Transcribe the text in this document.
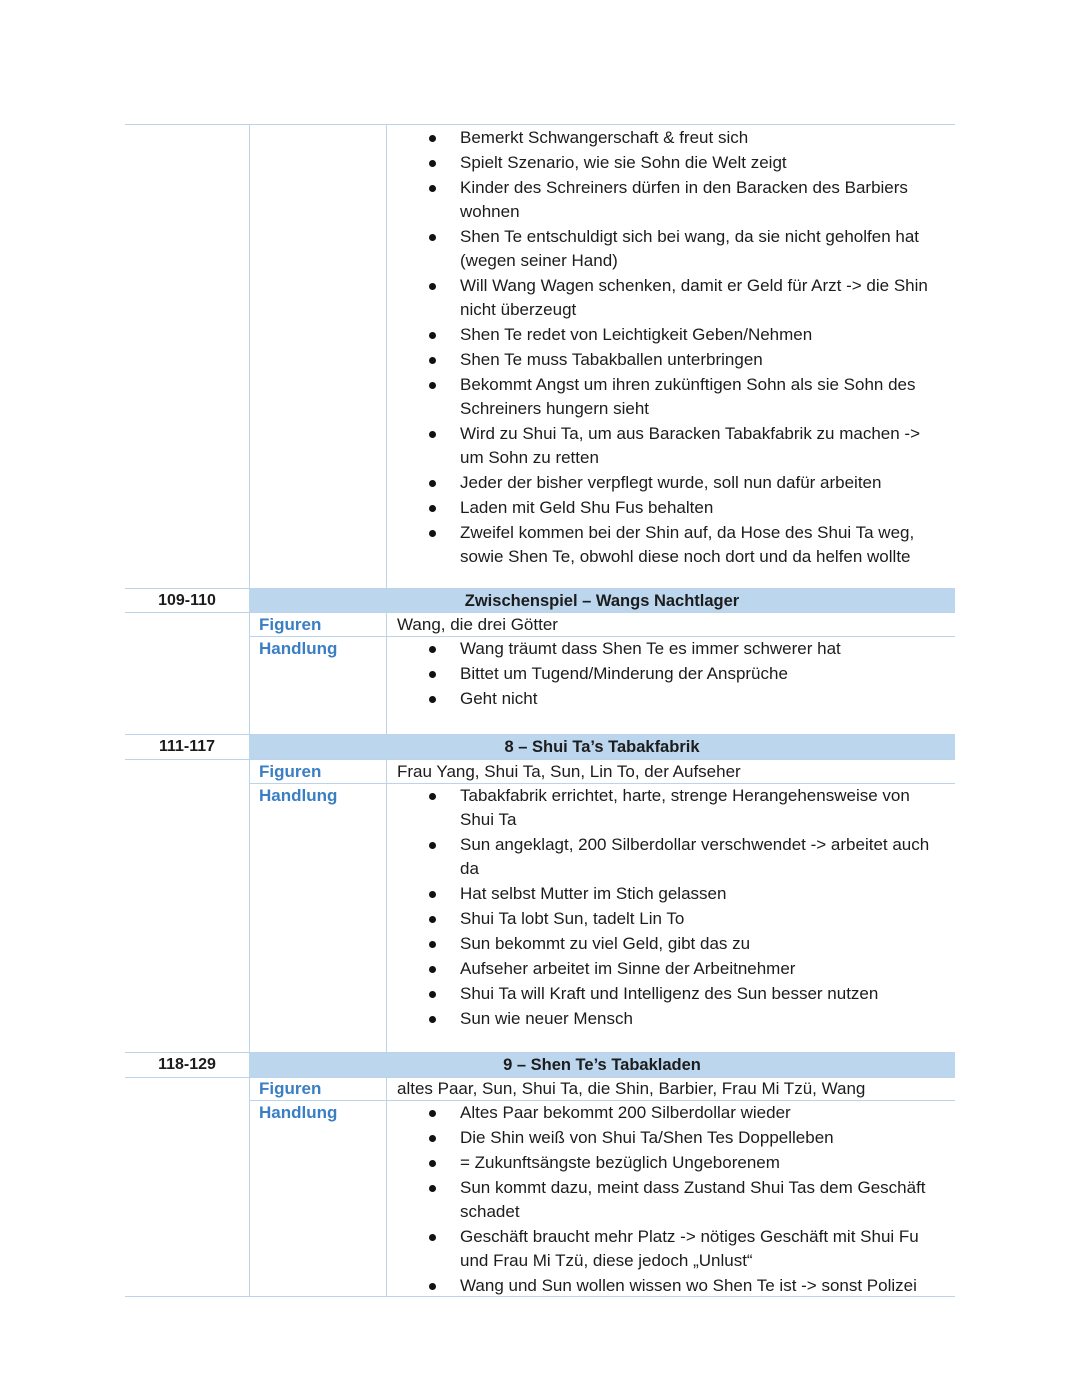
Bemerkt Schwangerschaft & freut sich
Spielt Szenario, wie sie Sohn die Welt zeigt
Kinder des Schreiners dürfen in den Baracken des Barbiers wohnen
Shen Te entschuldigt sich bei wang, da sie nicht geholfen hat (wegen seiner Hand)
Will Wang Wagen schenken, damit er Geld für Arzt -> die Shin nicht überzeugt
Shen Te redet von Leichtigkeit Geben/Nehmen
Shen Te muss Tabakballen unterbringen
Bekommt Angst um ihren zukünftigen Sohn als sie Sohn des Schreiners hungern sieht
Wird zu Shui Ta, um aus Baracken Tabakfabrik zu machen -> um Sohn zu retten
Jeder der bisher verpflegt wurde, soll nun dafür arbeiten
Laden mit Geld Shu Fus behalten
Zweifel kommen bei der Shin auf, da Hose des Shui Ta weg, sowie Shen Te, obwohl diese noch dort und da helfen wollte
109-110	Zwischenspiel – Wangs Nachtlager
Figuren	Wang, die drei Götter
Handlung	Wang träumt dass Shen Te es immer schwerer hat
Bittet um Tugend/Minderung der Ansprüche
Geht nicht
111-117	8 – Shui Ta’s Tabakfabrik
Figuren	Frau Yang, Shui Ta, Sun, Lin To, der Aufseher
Handlung	Tabakfabrik errichtet, harte, strenge Herangehensweise von Shui Ta
Sun angeklagt, 200 Silberdollar verschwendet -> arbeitet auch da
Hat selbst Mutter im Stich gelassen
Shui Ta lobt Sun, tadelt Lin To
Sun bekommt zu viel Geld, gibt das zu
Aufseher arbeitet im Sinne der Arbeitnehmer
Shui Ta will Kraft und Intelligenz des Sun besser nutzen
Sun wie neuer Mensch
118-129	9 – Shen Te’s Tabakladen
Figuren	altes Paar, Sun, Shui Ta, die Shin, Barbier, Frau Mi Tzü, Wang
Handlung	Altes Paar bekommt 200 Silberdollar wieder
Die Shin weiß von Shui Ta/Shen Tes Doppelleben
= Zukunftsängste bezüglich Ungeborenem
Sun kommt dazu, meint dass Zustand Shui Tas dem Geschäft schadet
Geschäft braucht mehr Platz -> nötiges Geschäft mit Shui Fu und Frau Mi Tzü, diese jedoch „Unlust“
Wang und Sun wollen wissen wo Shen Te ist -> sonst Polizei
